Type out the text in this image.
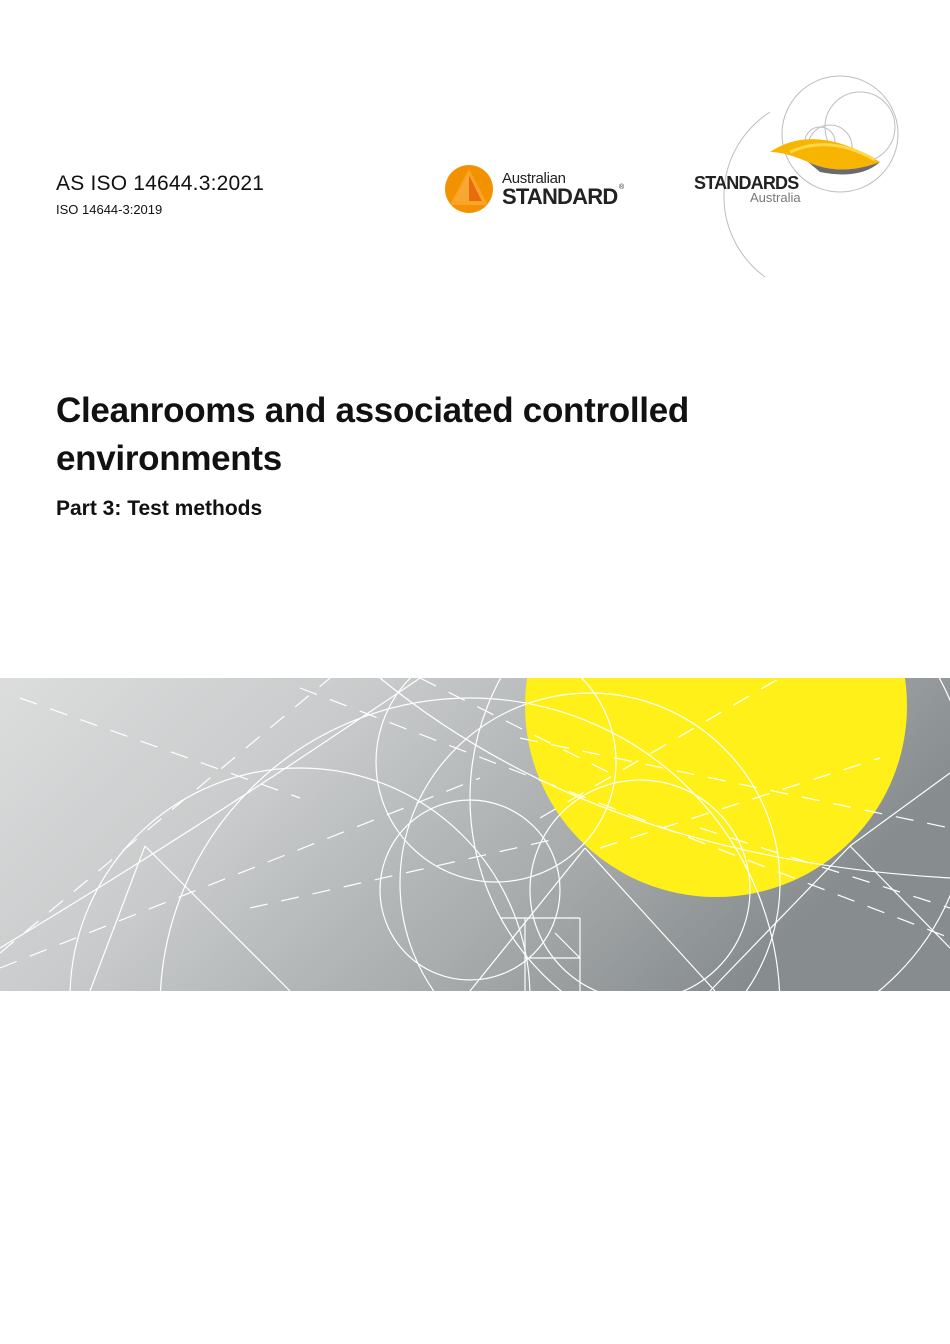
AS ISO 14644.3:2021
ISO 14644-3:2019
Australian
STANDARD ®	STANDARDS
Australia
Cleanrooms and associated controlled environments
Part 3: Test methods
